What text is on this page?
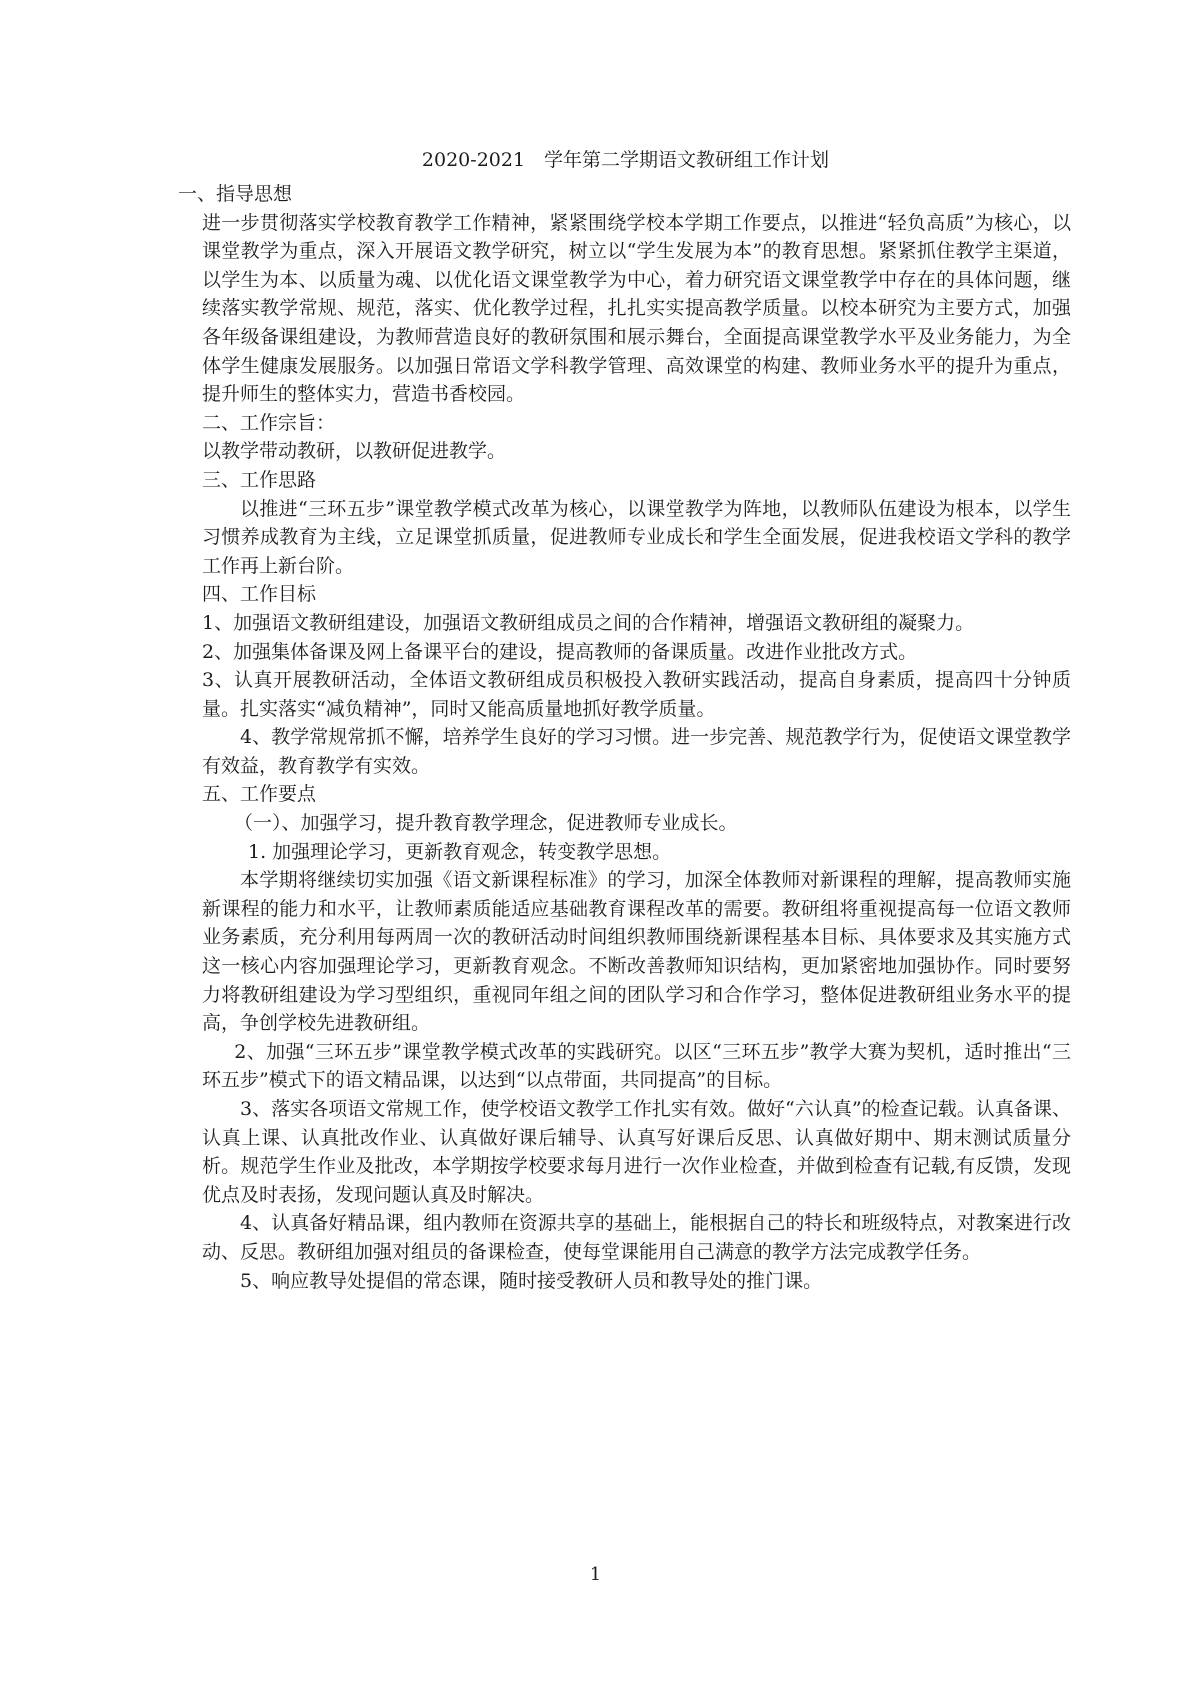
2020-2021　学年第二学期语文教研组工作计划

一、指导思想

进一步贯彻落实学校教育教学工作精神，紧紧围绕学校本学期工作要点，以推进“轻负高质”为核心，以课堂教学为重点，深入开展语文教学研究，树立以“学生发展为本”的教育思想。紧紧抓住教学主渠道，以学生为本、以质量为魂、以优化语文课堂教学为中心，着力研究语文课堂教学中存在的具体问题，继续落实教学常规、规范，落实、优化教学过程，扎扎实实提高教学质量。以校本研究为主要方式，加强各年级备课组建设，为教师营造良好的教研氛围和展示舞台，全面提高课堂教学水平及业务能力，为全体学生健康发展服务。以加强日常语文学科教学管理、高效课堂的构建、教师业务水平的提升为重点，提升师生的整体实力，营造书香校园。

二、工作宗旨：

以教学带动教研，以教研促进教学。

三、工作思路

以推进“三环五步”课堂教学模式改革为核心，以课堂教学为阵地，以教师队伍建设为根本，以学生习惯养成教育为主线，立足课堂抓质量，促进教师专业成长和学生全面发展，促进我校语文学科的教学工作再上新台阶。

四、工作目标

1、加强语文教研组建设，加强语文教研组成员之间的合作精神，增强语文教研组的凝聚力。

2、加强集体备课及网上备课平台的建设，提高教师的备课质量。改进作业批改方式。

3、认真开展教研活动，全体语文教研组成员积极投入教研实践活动，提高自身素质，提高四十分钟质量。扎实落实“减负精神”，同时又能高质量地抓好教学质量。

4、教学常规常抓不懈，培养学生良好的学习习惯。进一步完善、规范教学行为，促使语文课堂教学有效益，教育教学有实效。

五、工作要点

（一）、加强学习，提升教育教学理念，促进教师专业成长。

1. 加强理论学习，更新教育观念，转变教学思想。

本学期将继续切实加强《语文新课程标准》的学习，加深全体教师对新课程的理解，提高教师实施新课程的能力和水平，让教师素质能适应基础教育课程改革的需要。教研组将重视提高每一位语文教师业务素质，充分利用每两周一次的教研活动时间组织教师围绕新课程基本目标、具体要求及其实施方式这一核心内容加强理论学习，更新教育观念。不断改善教师知识结构，更加紧密地加强协作。同时要努力将教研组建设为学习型组织，重视同年组之间的团队学习和合作学习，整体促进教研组业务水平的提高，争创学校先进教研组。

2、加强“三环五步”课堂教学模式改革的实践研究。以区“三环五步”教学大赛为契机，适时推出“三环五步”模式下的语文精品课，以达到“以点带面，共同提高”的目标。

3、落实各项语文常规工作，使学校语文教学工作扎实有效。做好“六认真”的检查记载。认真备课、认真上课、认真批改作业、认真做好课后辅导、认真写好课后反思、认真做好期中、期末测试质量分析。规范学生作业及批改，本学期按学校要求每月进行一次作业检查，并做到检查有记载,有反馈，发现优点及时表扬，发现问题认真及时解决。

4、认真备好精品课，组内教师在资源共享的基础上，能根据自己的特长和班级特点，对教案进行改动、反思。教研组加强对组员的备课检查，使每堂课能用自己满意的教学方法完成教学任务。

5、响应教导处提倡的常态课，随时接受教研人员和教导处的推门课。

1
